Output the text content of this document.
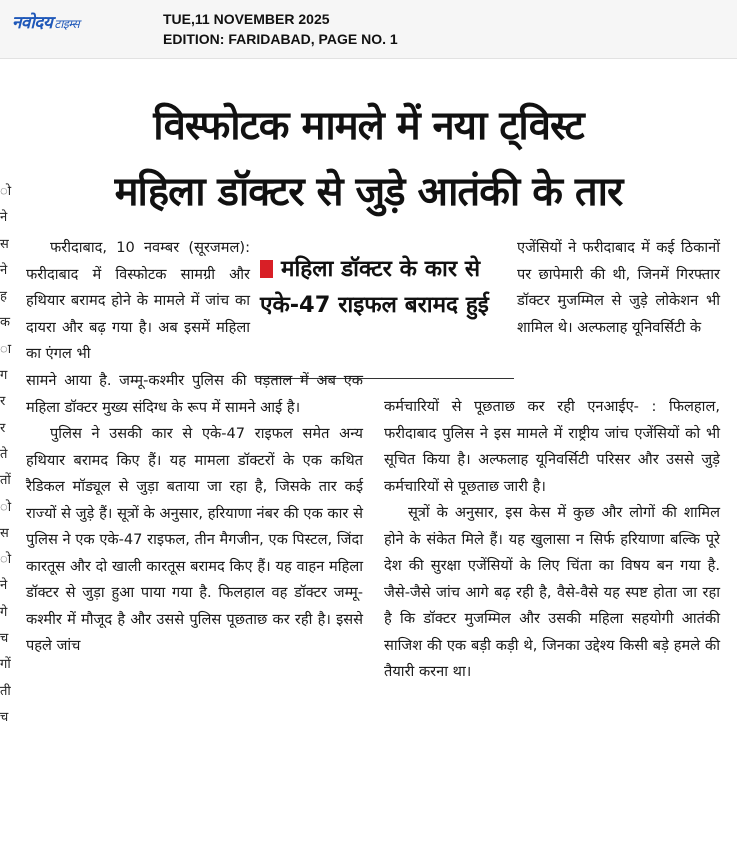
नवोदय टाइम्स	TUE,11 NOVEMBER 2025
EDITION: FARIDABAD, PAGE NO. 1
विस्फोटक मामले में नया ट्विस्ट
महिला डॉक्टर से जुड़े आतंकी के तार
ो
ने
स
ने
ह
क
ा
ग
र
र
ते
तों
ो
स
ो
ने
गे
च
गों
ती
च

फरीदाबाद, 10 नवम्बर (सूरजमल): फरीदाबाद में विस्फोटक सामग्री और हथियार बरामद होने के मामले में जांच का दायरा और बढ़ गया है। अब इसमें महिला का एंगल भी

महिला डॉक्टर के कार से एके-47 राइफल बरामद हुई

एजेंसियों ने फरीदाबाद में कई ठिकानों पर छापेमारी की थी, जिनमें गिरफ्तार डॉक्टर मुजम्मिल से जुड़े लोकेशन भी शामिल थे। अल्फलाह यूनिवर्सिटी के

सामने आया है. जम्मू-कश्मीर पुलिस की पड़ताल में अब एक महिला डॉक्टर मुख्य संदिग्ध के रूप में सामने आई है।

पुलिस ने उसकी कार से एके-47 राइफल समेत अन्य हथियार बरामद किए हैं। यह मामला डॉक्टरों के एक कथित रैडिकल मॉड्यूल से जुड़ा बताया जा रहा है, जिसके तार कई राज्यों से जुड़े हैं। सूत्रों के अनुसार, हरियाणा नंबर की एक कार से पुलिस ने एक एके-47 राइफल, तीन मैगजीन, एक पिस्टल, जिंदा कारतूस और दो खाली कारतूस बरामद किए हैं। यह वाहन महिला डॉक्टर से जुड़ा हुआ पाया गया है. फिलहाल वह डॉक्टर जम्मू-कश्मीर में मौजूद है और उससे पुलिस पूछताछ कर रही है। इससे पहले जांच

कर्मचारियों से पूछताछ कर रही एनआईए- : फिलहाल, फरीदाबाद पुलिस ने इस मामले में राष्ट्रीय जांच एजेंसियों को भी सूचित किया है। अल्फलाह यूनिवर्सिटी परिसर और उससे जुड़े कर्मचारियों से पूछताछ जारी है।

सूत्रों के अनुसार, इस केस में कुछ और लोगों की शामिल होने के संकेत मिले हैं। यह खुलासा न सिर्फ हरियाणा बल्कि पूरे देश की सुरक्षा एजेंसियों के लिए चिंता का विषय बन गया है. जैसे-जैसे जांच आगे बढ़ रही है, वैसे-वैसे यह स्पष्ट होता जा रहा है कि डॉक्टर मुजम्मिल और उसकी महिला सहयोगी आतंकी साजिश की एक बड़ी कड़ी थे, जिनका उद्देश्य किसी बड़े हमले की तैयारी करना था।
